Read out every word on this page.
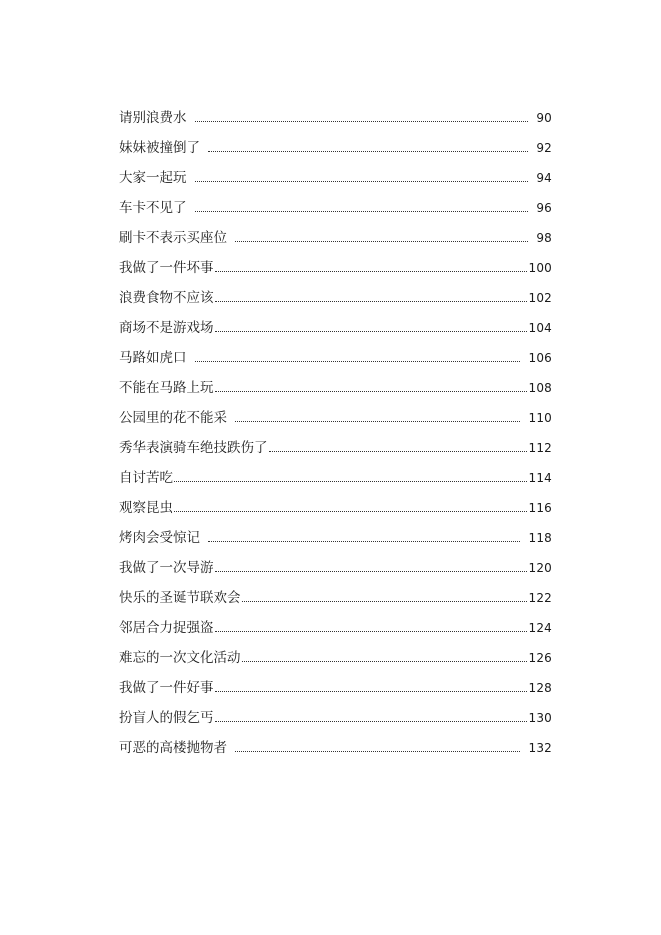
请别浪费水	90
妹妹被撞倒了	92
大家一起玩	94
车卡不见了	96
刷卡不表示买座位	98
我做了一件坏事	100
浪费食物不应该	102
商场不是游戏场	104
马路如虎口	106
不能在马路上玩	108
公园里的花不能采	110
秀华表演骑车绝技跌伤了	112
自讨苦吃	114
观察昆虫	116
烤肉会受惊记	118
我做了一次导游	120
快乐的圣诞节联欢会	122
邻居合力捉强盗	124
难忘的一次文化活动	126
我做了一件好事	128
扮盲人的假乞丐	130
可恶的高楼抛物者	132
